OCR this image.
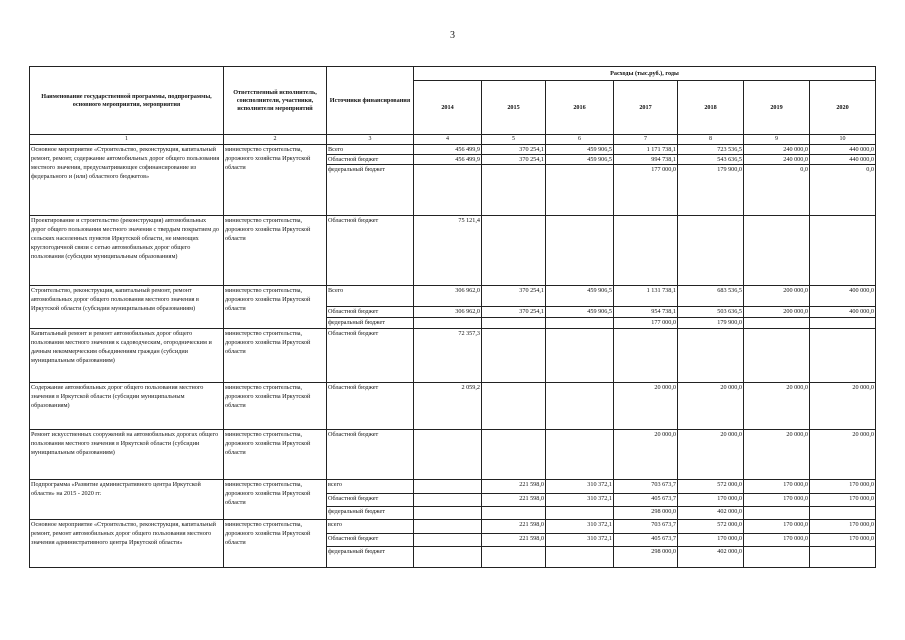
3
Наименование государственной программы, подпрограммы, основного мероприятия, мероприятия	Ответственный исполнитель, соисполнители, участники, исполнители мероприятий	Источники финансирования	Расходы (тыс.руб.), годы						
			2014	2015	2016	2017	2018	2019	2020
1	2	3	4	5	6	7	8	9	10
Основное мероприятие «Строительство, реконструкция, капитальный ремонт, ремонт, содержание автомобильных дорог общего пользования местного значения, предусматривающее софинансирование из федерального и (или) областного бюджетов»	министерство строительства, дорожного хозяйства Иркутской области	Всего	456 499,9	370 254,1	459 906,5	1 171 738,1	723 536,5	240 000,0	440 000,0
		Областной бюджет	456 499,9	370 254,1	459 906,5	994 738,1	543 636,5	240 000,0	440 000,0
		федеральный бюджет				177 000,0	179 900,0	0,0	0,0
Проектирование и строительство (реконструкция) автомобильных дорог общего пользования местного значения с твердым покрытием до сельских населенных пунктов Иркутской области, не имеющих круглогодичной связи с сетью автомобильных дорог общего пользования (субсидии муниципальным образованиям)	министерство строительства, дорожного хозяйства Иркутской области	Областной бюджет	75 121,4						
Строительство, реконструкция, капитальный ремонт, ремонт автомобильных дорог общего пользования местного значения в Иркутской области (субсидии муниципальным образованиям)	министерство строительства, дорожного хозяйства Иркутской области	Всего	306 962,0	370 254,1	459 906,5	1 131 738,1	683 536,5	200 000,0	400 000,0
		Областной бюджет	306 962,0	370 254,1	459 906,5	954 738,1	503 636,5	200 000,0	400 000,0
		федеральный бюджет				177 000,0	179 900,0		
Капитальный ремонт и ремонт автомобильных дорог общего пользования местного значения к садоводческим, огородническим и дачным некоммерческим объединениям граждан (субсидии муниципальным образованиям)	министерство строительства, дорожного хозяйства Иркутской области	Областной бюджет	72 357,3						
Содержание автомобильных дорог общего пользования местного значения в Иркутской области (субсидии муниципальным образованиям)	министерство строительства, дорожного хозяйства Иркутской области	Областной бюджет	2 059,2			20 000,0	20 000,0	20 000,0	20 000,0
Ремонт искусственных сооружений на автомобильных дорогах общего пользования местного значения в Иркутской области (субсидии муниципальным образованиям)	министерство строительства, дорожного хозяйства Иркутской области	Областной бюджет				20 000,0	20 000,0	20 000,0	20 000,0
Подпрограмма «Развитие административного центра Иркутской области» на 2015 - 2020 гг.	министерство строительства, дорожного хозяйства Иркутской области	всего		221 598,0	310 372,1	703 673,7	572 000,0	170 000,0	170 000,0
		Областной бюджет		221 598,0	310 372,1	405 673,7	170 000,0	170 000,0	170 000,0
		федеральный бюджет				298 000,0	402 000,0		
Основное мероприятие «Строительство, реконструкция, капитальный ремонт, ремонт автомобильных дорог общего пользования местного значения административного центра Иркутской области»	министерство строительства, дорожного хозяйства Иркутской области	всего		221 598,0	310 372,1	703 673,7	572 000,0	170 000,0	170 000,0
		Областной бюджет		221 598,0	310 372,1	405 673,7	170 000,0	170 000,0	170 000,0
		федеральный бюджет				298 000,0	402 000,0		
